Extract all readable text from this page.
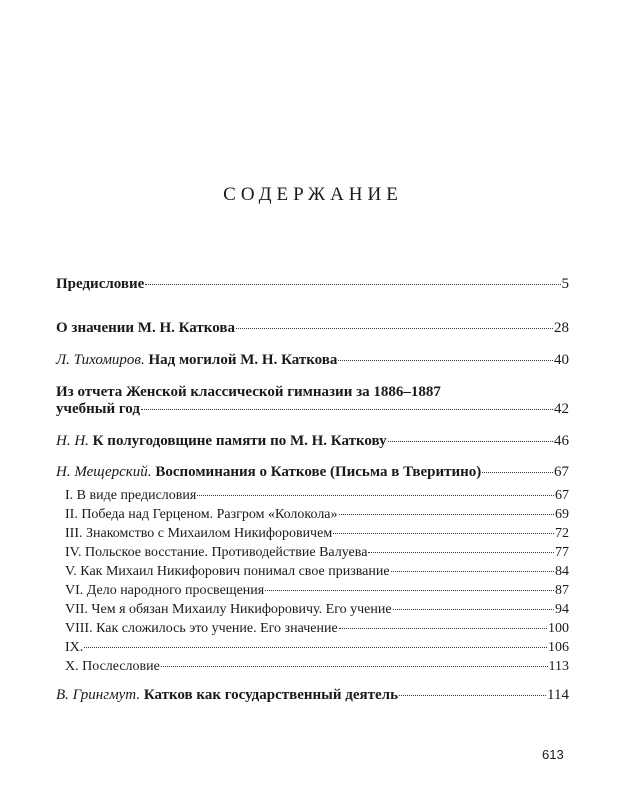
СОДЕРЖАНИЕ
Предисловие	5
О значении М. Н. Каткова	28
Л. Тихомиров. Над могилой М. Н. Каткова	40
Из отчета Женской классической гимназии за 1886–1887
учебный год	42
Н. Н. К полугодовщине памяти по М. Н. Каткову	46
Н. Мещерский. Воспоминания о Каткове (Письма в Тверитино)	67
I. В виде предисловия	67
II. Победа над Герценом. Разгром «Колокола»	69
III. Знакомство с Михаилом Никифоровичем	72
IV. Польское восстание. Противодействие Валуева	77
V. Как Михаил Никифорович понимал свое призвание	84
VI. Дело народного просвещения	87
VII. Чем я обязан Михаилу Никифоровичу. Его учение	94
VIII. Как сложилось это учение. Его значение	100
IX.	106
X. Послесловие	113
В. Грингмут. Катков как государственный деятель	114
613
